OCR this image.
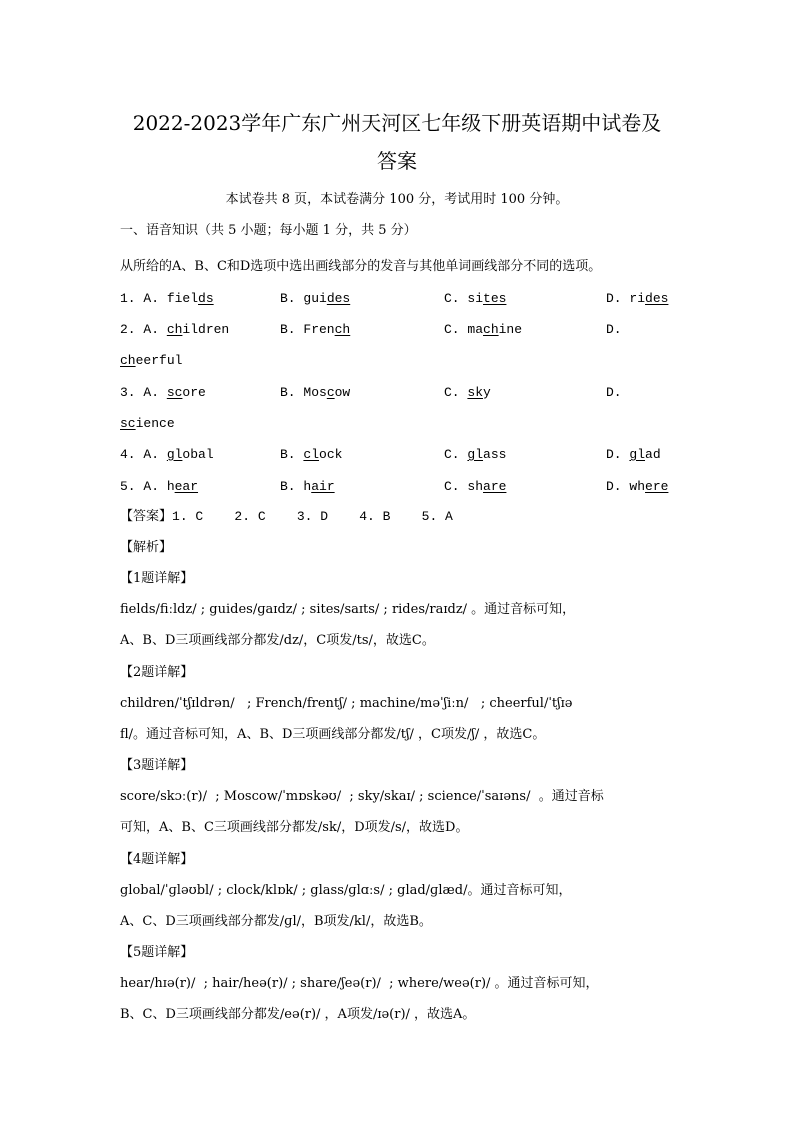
2022-2023学年广东广州天河区七年级下册英语期中试卷及
答案
本试卷共 8 页，本试卷满分 100 分，考试用时 100 分钟。
一、语音知识（共 5 小题；每小题 1 分，共 5 分）
从所给的A、B、C和D选项中选出画线部分的发音与其他单词画线部分不同的选项。
1. A. fields	B. guides	C. sites	D. rides
2. A. children	B. French	C. machine	D.
cheerful
3. A. score	B. Moscow	C. sky	D.
science
4. A. global	B. clock	C. glass	D. glad
5. A. hear	B. hair	C. share	D. where
【答案】1. C    2. C    3. D    4. B    5. A
【解析】
【1题详解】
fields/fiːldz/ ; guides/ɡaɪdz/ ; sites/saɪts/ ; rides/raɪdz/ 。通过音标可知，
A、B、D三项画线部分都发/dz/，C项发/ts/，故选C。
【2题详解】
children/ˈtʃɪldrən/   ; French/frentʃ/ ; machine/məˈʃiːn/   ; cheerful/ˈtʃɪə
fl/。通过音标可知，A、B、D三项画线部分都发/tʃ/ ，C项发/ʃ/ ，故选C。
【3题详解】
score/skɔː(r)/  ; Moscow/ˈmɒskəʊ/  ; sky/skaɪ/ ; science/ˈsaɪəns/  。通过音标
可知，A、B、C三项画线部分都发/sk/，D项发/s/，故选D。
【4题详解】
global/ˈɡləʊbl/ ; clock/klɒk/ ; glass/ɡlɑːs/ ; glad/ɡlæd/。通过音标可知，
A、C、D三项画线部分都发/ɡl/，B项发/kl/，故选B。
【5题详解】
hear/hɪə(r)/  ; hair/heə(r)/ ; share/ʃeə(r)/  ; where/weə(r)/ 。通过音标可知，
B、C、D三项画线部分都发/eə(r)/ ，A项发/ɪə(r)/ ，故选A。
